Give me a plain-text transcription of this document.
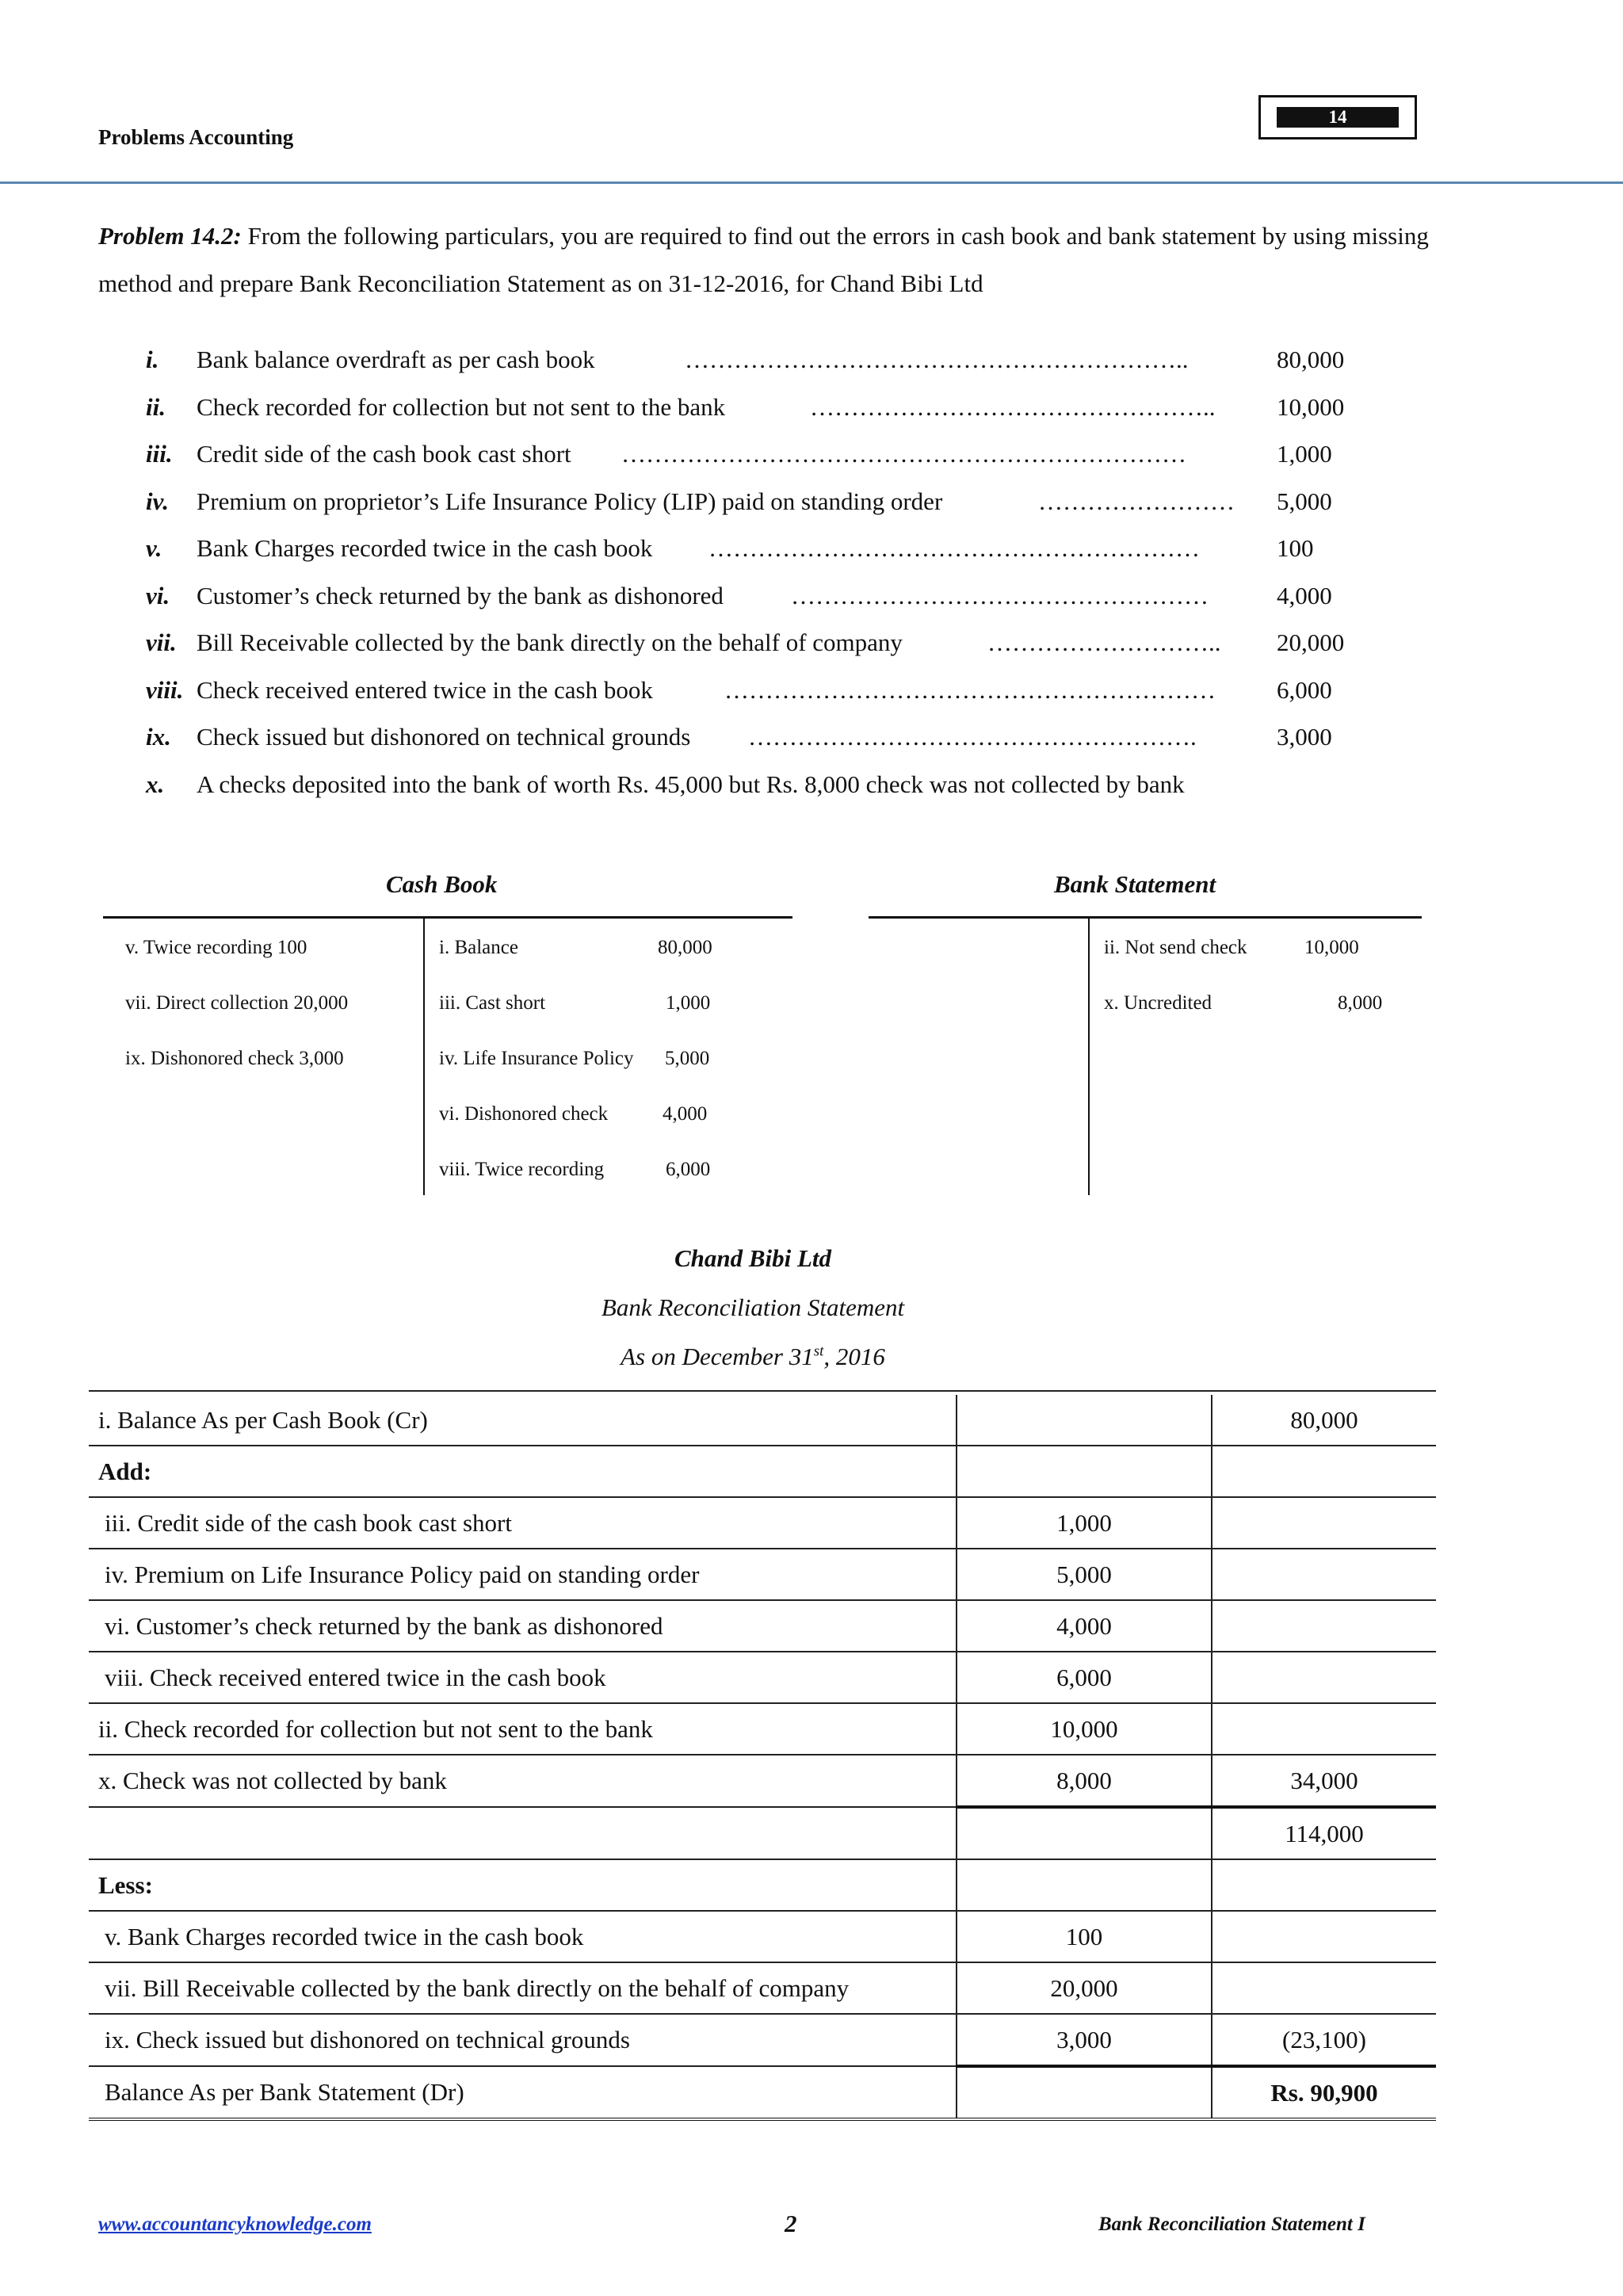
Problems Accounting
14
Problem 14.2: From the following particulars, you are required to find out the errors in cash book and bank statement by using missing method and prepare Bank Reconciliation Statement as on 31-12-2016, for Chand Bibi Ltd
i. Bank balance overdraft as per cash book	……………………………………………………..	80,000
ii. Check recorded for collection but not sent to the bank	…………………………………………..	10,000
iii. Credit side of the cash book cast short ……………………………………………………………	1,000
iv. Premium on proprietor’s Life Insurance Policy (LIP) paid on standing order	……………………	5,000
v. Bank Charges recorded twice in the cash book ……………………………………………………	100
vi. Customer’s check returned by the bank as dishonored	……………………………………………	4,000
vii. Bill Receivable collected by the bank directly on the behalf of company	………………………..	20,000
viii. Check received entered twice in the cash book	……………………………………………………	6,000
ix. Check issued but dishonored on technical grounds ……………………………………………….	3,000
x. A checks deposited into the bank of worth Rs. 45,000 but Rs. 8,000 check was not collected by bank
Cash Book
v. Twice recording 100
vii. Direct collection 20,000
ix. Dishonored check 3,000
i. Balance	80,000
iii. Cast short	1,000
iv. Life Insurance Policy 5,000
vi. Dishonored check	4,000
viii. Twice recording	6,000
Bank Statement
ii. Not send check	10,000
x. Uncredited	8,000
Chand Bibi Ltd
Bank Reconciliation Statement
As on December 31st, 2016
i. Balance As per Cash Book (Cr)		80,000
Add:		
iii. Credit side of the cash book cast short	1,000	
iv. Premium on Life Insurance Policy paid on standing order	5,000	
vi. Customer’s check returned by the bank as dishonored	4,000	
viii. Check received entered twice in the cash book	6,000	
ii. Check recorded for collection but not sent to the bank	10,000	
x. Check was not collected by bank	8,000	34,000
		114,000
Less:		
v. Bank Charges recorded twice in the cash book	100	
vii. Bill Receivable collected by the bank directly on the behalf of company	20,000	
ix. Check issued but dishonored on technical grounds	3,000	(23,100)
Balance As per Bank Statement (Dr)		Rs. 90,900
www.accountancyknowledge.com	2	Bank Reconciliation Statement I
